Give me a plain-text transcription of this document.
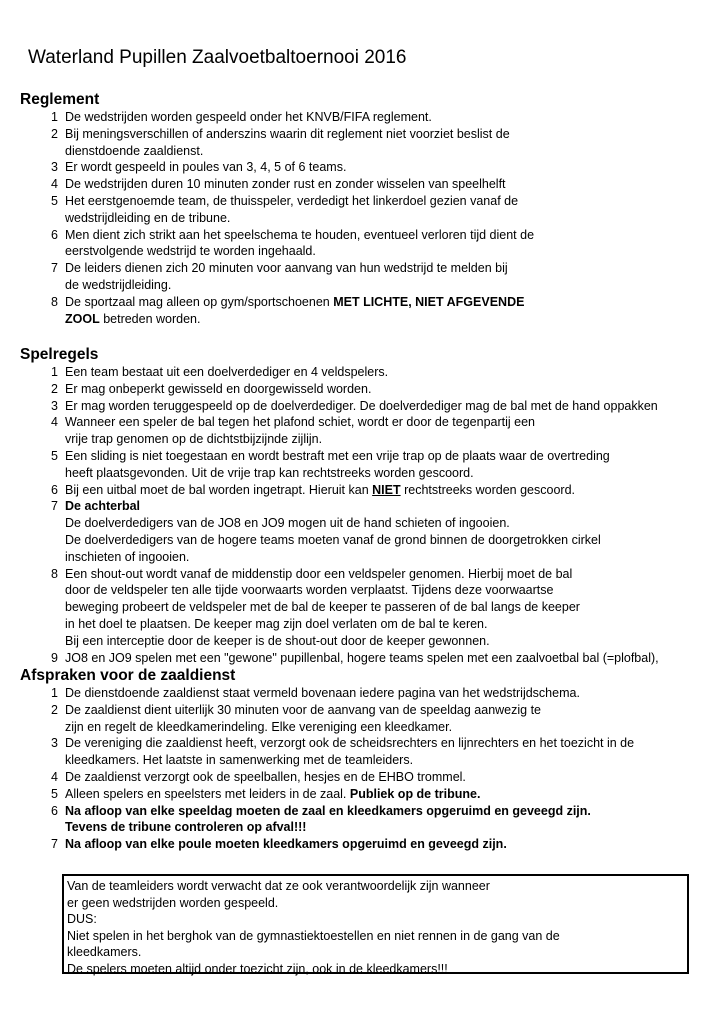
Waterland Pupillen Zaalvoetbaltoernooi 2016
Reglement
1 De wedstrijden worden gespeeld onder het KNVB/FIFA reglement.
2 Bij meningsverschillen of anderszins waarin dit reglement niet voorziet beslist de
dienstdoende zaaldienst.
3 Er wordt gespeeld in poules van 3, 4, 5 of 6 teams.
4 De wedstrijden duren 10 minuten zonder rust en zonder wisselen van speelhelft
5 Het eerstgenoemde team, de thuisspeler, verdedigt het linkerdoel gezien vanaf de
wedstrijdleiding en de tribune.
6 Men dient zich strikt aan het speelschema te houden, eventueel verloren tijd dient de
eerstvolgende wedstrijd te worden ingehaald.
7 De leiders dienen zich 20 minuten voor aanvang van hun wedstrijd te melden bij
de wedstrijdleiding.
8 De sportzaal mag alleen op gym/sportschoenen MET LICHTE, NIET AFGEVENDE
ZOOL betreden worden.
Spelregels
1 Een team bestaat uit een doelverdediger en 4 veldspelers.
2 Er mag onbeperkt gewisseld en doorgewisseld worden.
3 Er mag worden teruggespeeld op de doelverdediger. De doelverdediger mag de bal met de hand oppakken
4 Wanneer een speler de bal tegen het plafond schiet, wordt er door de tegenpartij een
vrije trap genomen op de dichtstbijzijnde zijlijn.
5 Een sliding is niet toegestaan en wordt bestraft met een vrije trap op de plaats waar de overtreding
heeft plaatsgevonden. Uit de vrije trap kan rechtstreeks worden gescoord.
6 Bij een uitbal moet de bal worden ingetrapt. Hieruit kan NIET rechtstreeks worden gescoord.
7 De achterbal
De doelverdedigers van de JO8 en JO9 mogen uit de hand schieten of ingooien.
De doelverdedigers van de hogere teams moeten vanaf de grond binnen de doorgetrokken cirkel
inschieten of ingooien.
8 Een shout-out wordt vanaf de middenstip door een veldspeler genomen. Hierbij moet de bal
door de veldspeler ten alle tijde voorwaarts worden verplaatst. Tijdens deze voorwaartse
beweging probeert de veldspeler met de bal de keeper te passeren of de bal langs de keeper
in het doel te plaatsen. De keeper mag zijn doel verlaten om de bal te keren.
Bij een interceptie door de keeper is de shout-out door de keeper gewonnen.
9 JO8 en JO9 spelen met een "gewone" pupillenbal, hogere teams spelen met een zaalvoetbal bal (=plofbal),
Afspraken voor de zaaldienst
1 De dienstdoende zaaldienst staat vermeld bovenaan iedere pagina van het wedstrijdschema.
2 De zaaldienst dient uiterlijk 30 minuten voor de aanvang van de speeldag aanwezig te
zijn en regelt de kleedkamerindeling. Elke vereniging een kleedkamer.
3 De vereniging die zaaldienst heeft, verzorgt ook de scheidsrechters en lijnrechters en het toezicht in de
kleedkamers. Het laatste in samenwerking met de teamleiders.
4 De zaaldienst verzorgt ook de speelballen, hesjes en de EHBO trommel.
5 Alleen spelers en speelsters met leiders in de zaal. Publiek op de tribune.
6 Na afloop van elke speeldag moeten de zaal en kleedkamers opgeruimd en geveegd zijn.
Tevens de tribune controleren op afval!!!
7 Na afloop van elke poule moeten kleedkamers opgeruimd en geveegd zijn.
Van de teamleiders wordt verwacht dat ze ook verantwoordelijk zijn wanneer
er geen wedstrijden worden gespeeld.
DUS:
Niet spelen in het berghok van de gymnastiektoestellen en niet rennen in de gang van de
kleedkamers.
De spelers moeten altijd onder toezicht zijn, ook in de kleedkamers!!!
